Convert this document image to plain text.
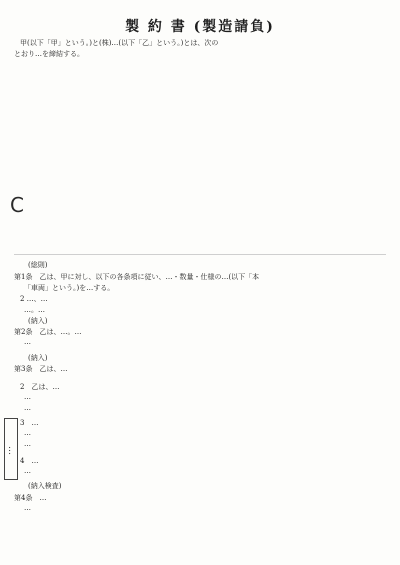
製 約 書 (製造請負)
甲(以下「甲」という。)と(株)…(以下「乙」という。)とは、次の
とおり…を締結する。
C
(総則)
第1条　乙は、甲に対し、以下の各条項に従い、…・数量・仕様の…(以下「本
「車両」という。)を…する。
2 …、…
…。…
(納入)
第2条　乙は、…。…
…
(納入)
第3条　乙は、…
2　乙は、…
…
…
3　…
…
…
4　…
…
(納入検査)
第4条　…
…
…
